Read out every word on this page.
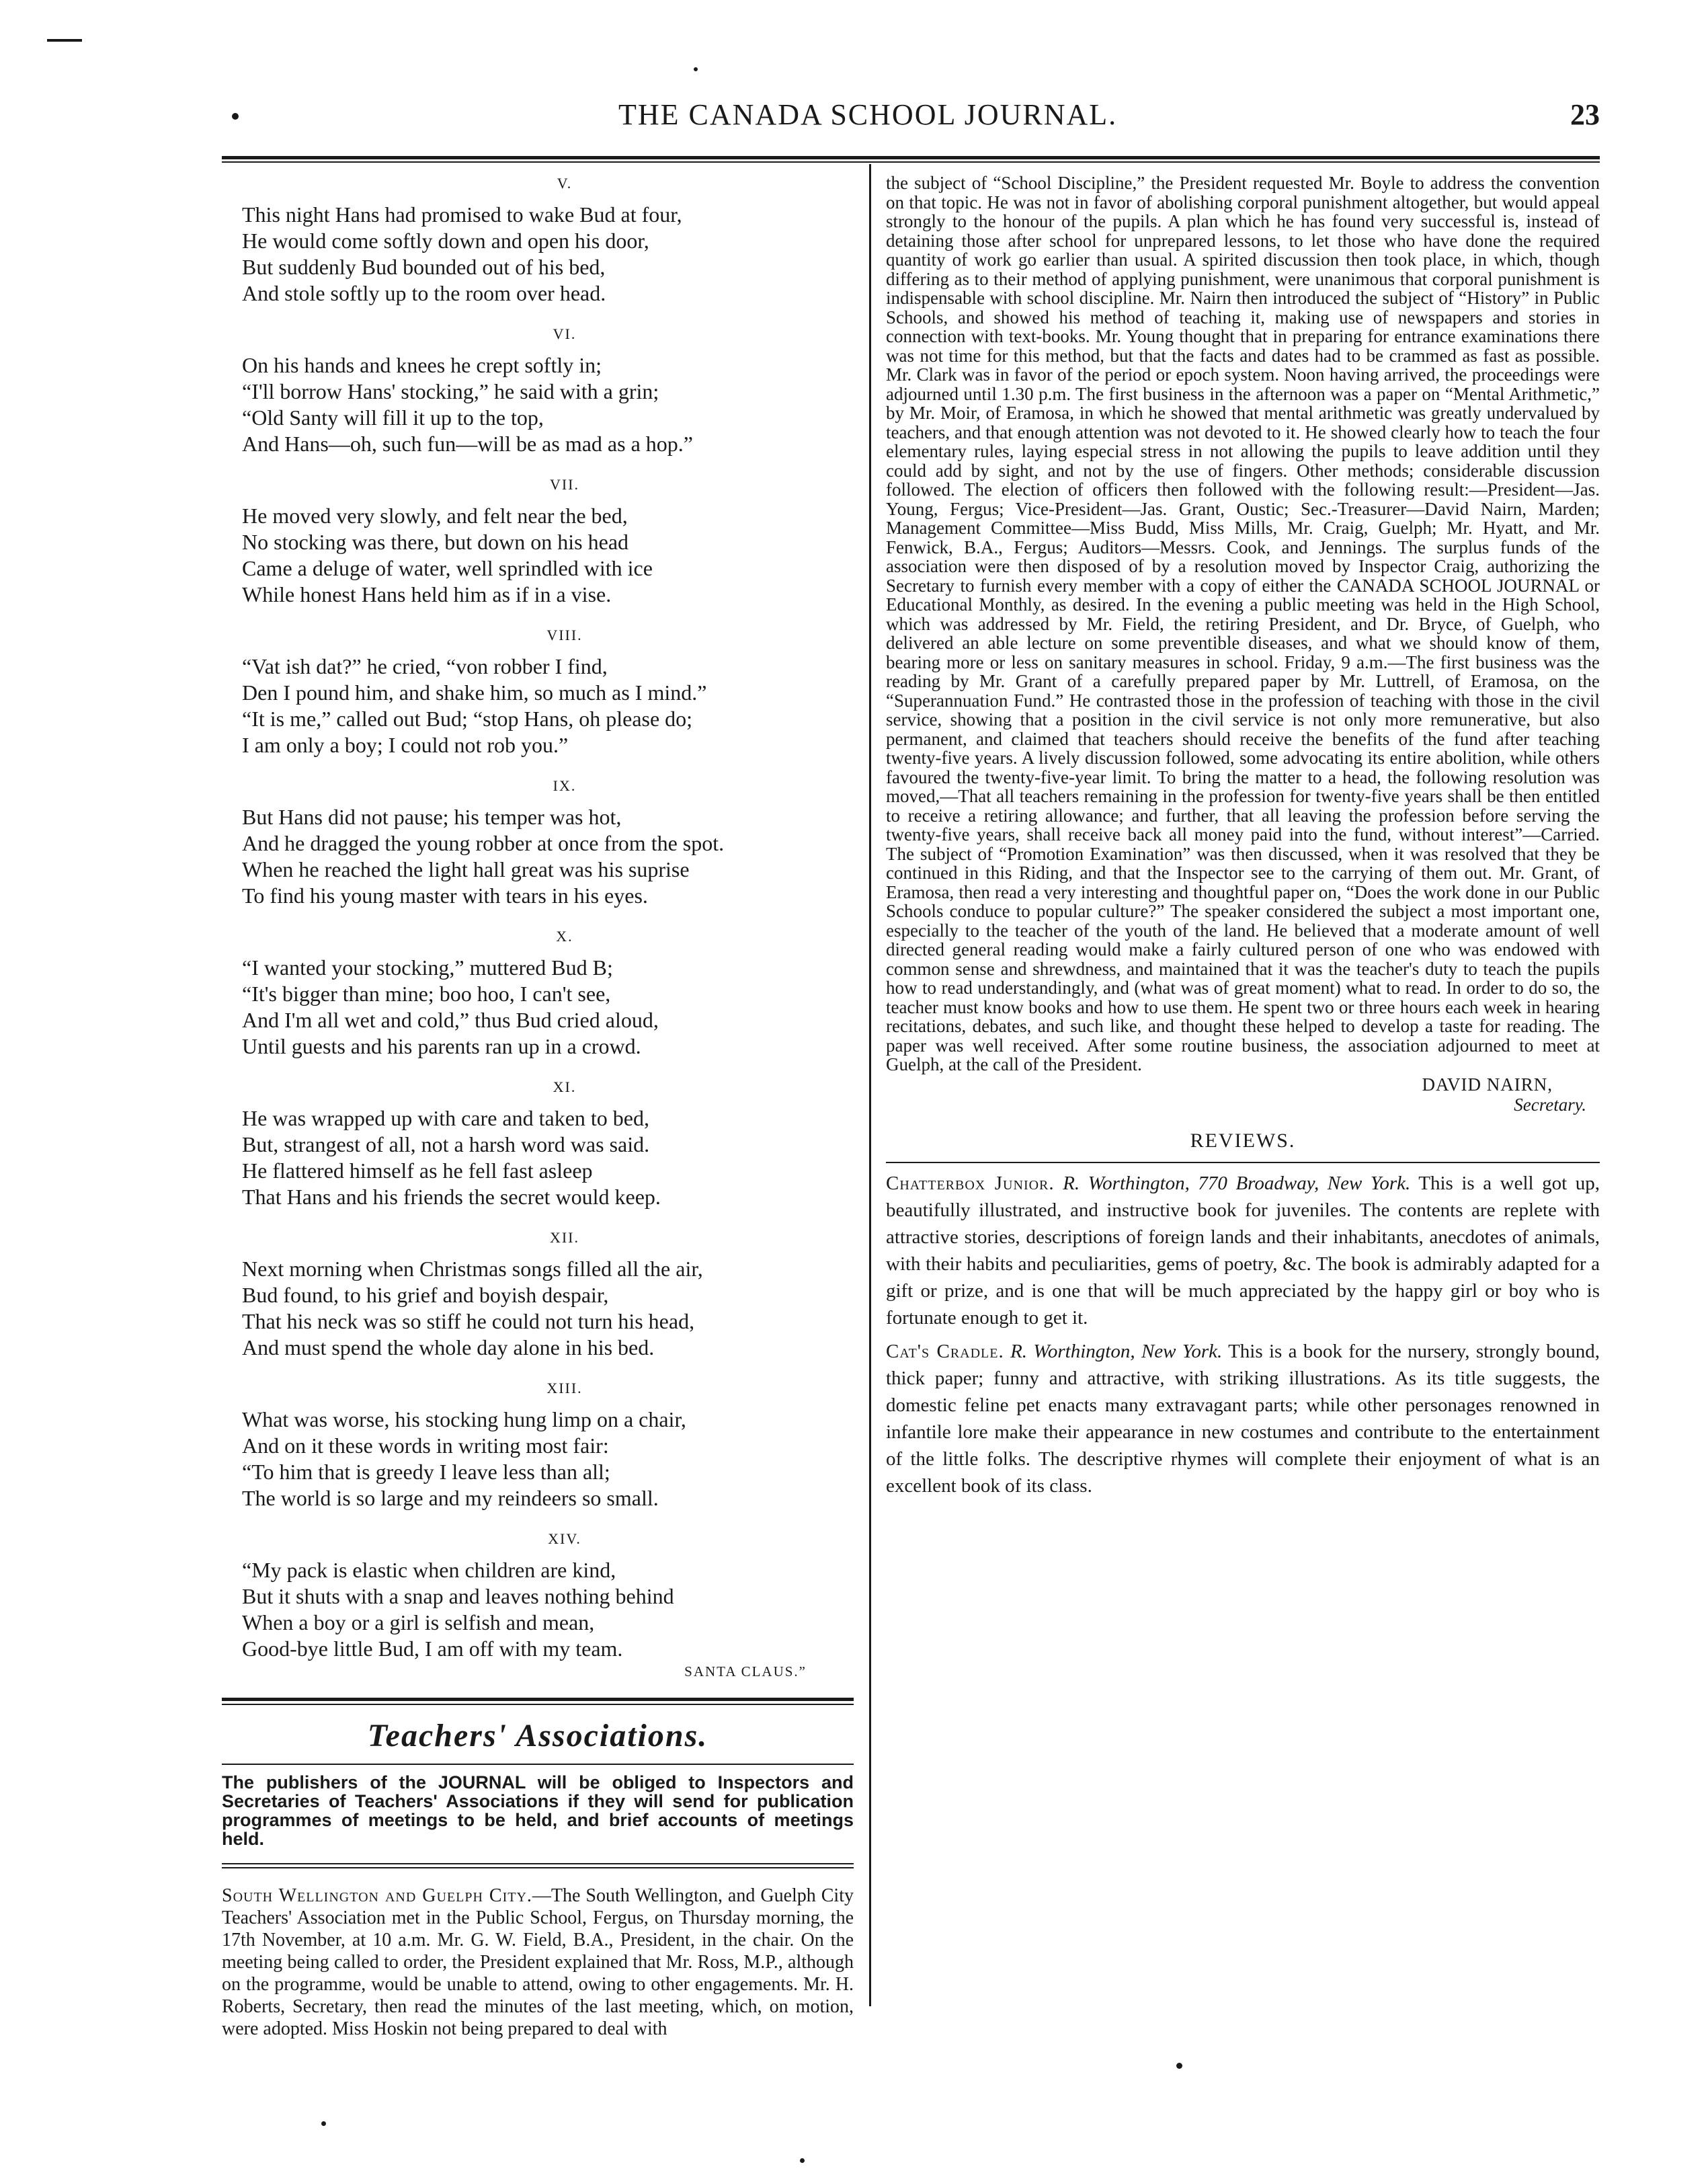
THE CANADA SCHOOL JOURNAL.	23
V.
This night Hans had promised to wake Bud at four,
He would come softly down and open his door,
But suddenly Bud bounded out of his bed,
And stole softly up to the room over head.
VI.
On his hands and knees he crept softly in;
“I'll borrow Hans' stocking,” he said with a grin;
“Old Santy will fill it up to the top,
And Hans—oh, such fun—will be as mad as a hop.”
VII.
He moved very slowly, and felt near the bed,
No stocking was there, but down on his head
Came a deluge of water, well sprindled with ice
While honest Hans held him as if in a vise.
VIII.
“Vat ish dat?” he cried, “von robber I find,
Den I pound him, and shake him, so much as I mind.”
“It is me,” called out Bud; “stop Hans, oh please do;
I am only a boy; I could not rob you.”
IX.
But Hans did not pause; his temper was hot,
And he dragged the young robber at once from the spot.
When he reached the light hall great was his suprise
To find his young master with tears in his eyes.
X.
“I wanted your stocking,” muttered Bud B;
“It's bigger than mine; boo hoo, I can't see,
And I'm all wet and cold,” thus Bud cried aloud,
Until guests and his parents ran up in a crowd.
XI.
He was wrapped up with care and taken to bed,
But, strangest of all, not a harsh word was said.
He flattered himself as he fell fast asleep
That Hans and his friends the secret would keep.
XII.
Next morning when Christmas songs filled all the air,
Bud found, to his grief and boyish despair,
That his neck was so stiff he could not turn his head,
And must spend the whole day alone in his bed.
XIII.
What was worse, his stocking hung limp on a chair,
And on it these words in writing most fair:
“To him that is greedy I leave less than all;
The world is so large and my reindeers so small.
XIV.
“My pack is elastic when children are kind,
But it shuts with a snap and leaves nothing behind
When a boy or a girl is selfish and mean,
Good-bye little Bud, I am off with my team.
SANTA CLAUS.”
Teachers' Associations.
The publishers of the JOURNAL will be obliged to Inspectors and Secretaries of Teachers' Associations if they will send for publication programmes of meetings to be held, and brief accounts of meetings held.
South Wellington and Guelph City.—The South Wellington, and Guelph City Teachers' Association met in the Public School, Fergus, on Thursday morning, the 17th November, at 10 a.m. Mr. G. W. Field, B.A., President, in the chair. On the meeting being called to order, the President explained that Mr. Ross, M.P., although on the programme, would be unable to attend, owing to other engagements. Mr. H. Roberts, Secretary, then read the minutes of the last meeting, which, on motion, were adopted. Miss Hoskin not being prepared to deal with
the subject of “School Discipline,” the President requested Mr. Boyle to address the convention on that topic. He was not in favor of abolishing corporal punishment altogether, but would appeal strongly to the honour of the pupils. A plan which he has found very successful is, instead of detaining those after school for unprepared lessons, to let those who have done the required quantity of work go earlier than usual. A spirited discussion then took place, in which, though differing as to their method of applying punishment, were unanimous that corporal punishment is indispensable with school discipline. Mr. Nairn then introduced the subject of “History” in Public Schools, and showed his method of teaching it, making use of newspapers and stories in connection with text-books. Mr. Young thought that in preparing for entrance examinations there was not time for this method, but that the facts and dates had to be crammed as fast as possible. Mr. Clark was in favor of the period or epoch system. Noon having arrived, the proceedings were adjourned until 1.30 p.m. The first business in the afternoon was a paper on “Mental Arithmetic,” by Mr. Moir, of Eramosa, in which he showed that mental arithmetic was greatly undervalued by teachers, and that enough attention was not devoted to it. He showed clearly how to teach the four elementary rules, laying especial stress in not allowing the pupils to leave addition until they could add by sight, and not by the use of fingers. Other methods; considerable discussion followed. The election of officers then followed with the following result:—President—Jas. Young, Fergus; Vice-President—Jas. Grant, Oustic; Sec.-Treasurer—David Nairn, Marden; Management Committee—Miss Budd, Miss Mills, Mr. Craig, Guelph; Mr. Hyatt, and Mr. Fenwick, B.A., Fergus; Auditors—Messrs. Cook, and Jennings. The surplus funds of the association were then disposed of by a resolution moved by Inspector Craig, authorizing the Secretary to furnish every member with a copy of either the CANADA SCHOOL JOURNAL or Educational Monthly, as desired. In the evening a public meeting was held in the High School, which was addressed by Mr. Field, the retiring President, and Dr. Bryce, of Guelph, who delivered an able lecture on some preventible diseases, and what we should know of them, bearing more or less on sanitary measures in school. Friday, 9 a.m.—The first business was the reading by Mr. Grant of a carefully prepared paper by Mr. Luttrell, of Eramosa, on the “Superannuation Fund.” He contrasted those in the profession of teaching with those in the civil service, showing that a position in the civil service is not only more remunerative, but also permanent, and claimed that teachers should receive the benefits of the fund after teaching twenty-five years. A lively discussion followed, some advocating its entire abolition, while others favoured the twenty-five-year limit. To bring the matter to a head, the following resolution was moved,—That all teachers remaining in the profession for twenty-five years shall be then entitled to receive a retiring allowance; and further, that all leaving the profession before serving the twenty-five years, shall receive back all money paid into the fund, without interest”—Carried. The subject of “Promotion Examination” was then discussed, when it was resolved that they be continued in this Riding, and that the Inspector see to the carrying of them out. Mr. Grant, of Eramosa, then read a very interesting and thoughtful paper on, “Does the work done in our Public Schools conduce to popular culture?” The speaker considered the subject a most important one, especially to the teacher of the youth of the land. He believed that a moderate amount of well directed general reading would make a fairly cultured person of one who was endowed with common sense and shrewdness, and maintained that it was the teacher's duty to teach the pupils how to read understandingly, and (what was of great moment) what to read. In order to do so, the teacher must know books and how to use them. He spent two or three hours each week in hearing recitations, debates, and such like, and thought these helped to develop a taste for reading. The paper was well received. After some routine business, the association adjourned to meet at Guelph, at the call of the President.
DAVID NAIRN,
Secretary.
REVIEWS.
Chatterbox Junior. R. Worthington, 770 Broadway, New York. This is a well got up, beautifully illustrated, and instructive book for juveniles. The contents are replete with attractive stories, descriptions of foreign lands and their inhabitants, anecdotes of animals, with their habits and peculiarities, gems of poetry, &c. The book is admirably adapted for a gift or prize, and is one that will be much appreciated by the happy girl or boy who is fortunate enough to get it.
Cat's Cradle. R. Worthington, New York. This is a book for the nursery, strongly bound, thick paper; funny and attractive, with striking illustrations. As its title suggests, the domestic feline pet enacts many extravagant parts; while other personages renowned in infantile lore make their appearance in new costumes and contribute to the entertainment of the little folks. The descriptive rhymes will complete their enjoyment of what is an excellent book of its class.
